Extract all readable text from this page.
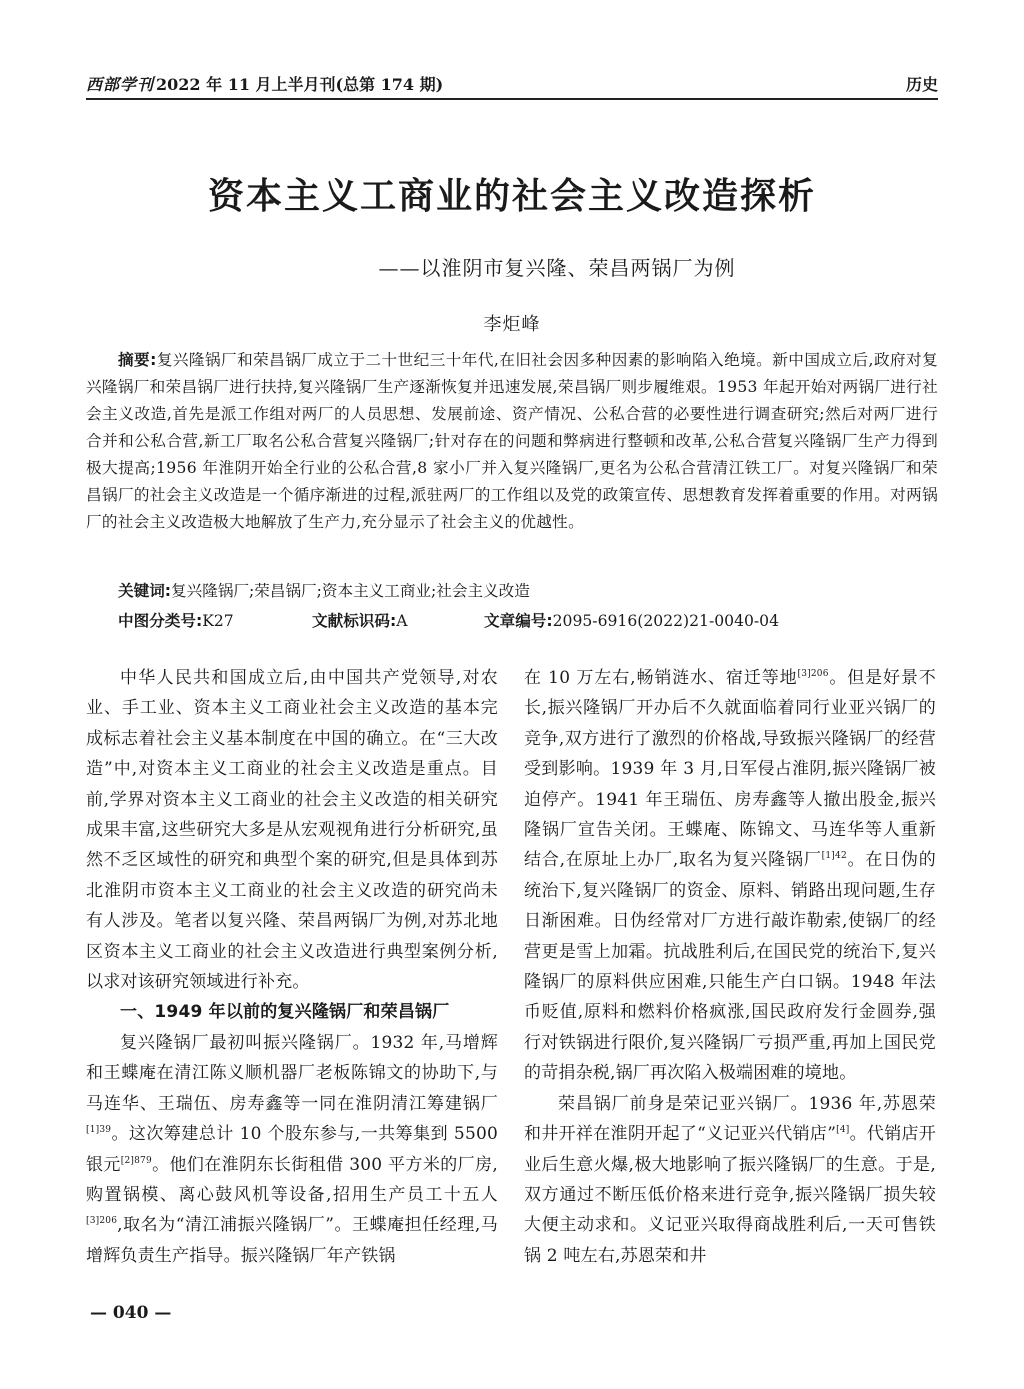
西部学刊 2022 年 11 月上半月刊(总第 174 期)	历史
资本主义工商业的社会主义改造探析
——以淮阴市复兴隆、荣昌两锅厂为例
李炬峰
摘要:复兴隆锅厂和荣昌锅厂成立于二十世纪三十年代,在旧社会因多种因素的影响陷入绝境。新中国成立后,政府对复兴隆锅厂和荣昌锅厂进行扶持,复兴隆锅厂生产逐渐恢复并迅速发展,荣昌锅厂则步履维艰。1953 年起开始对两锅厂进行社会主义改造,首先是派工作组对两厂的人员思想、发展前途、资产情况、公私合营的必要性进行调查研究;然后对两厂进行合并和公私合营,新工厂取名公私合营复兴隆锅厂;针对存在的问题和弊病进行整顿和改革,公私合营复兴隆锅厂生产力得到极大提高;1956 年淮阴开始全行业的公私合营,8 家小厂并入复兴隆锅厂,更名为公私合营清江铁工厂。对复兴隆锅厂和荣昌锅厂的社会主义改造是一个循序渐进的过程,派驻两厂的工作组以及党的政策宣传、思想教育发挥着重要的作用。对两锅厂的社会主义改造极大地解放了生产力,充分显示了社会主义的优越性。
关键词:复兴隆锅厂;荣昌锅厂;资本主义工商业;社会主义改造
中图分类号:K27	文献标识码:A	文章编号:2095-6916(2022)21-0040-04

中华人民共和国成立后,由中国共产党领导,对农业、手工业、资本主义工商业社会主义改造的基本完成标志着社会主义基本制度在中国的确立。在“三大改造”中,对资本主义工商业的社会主义改造是重点。目前,学界对资本主义工商业的社会主义改造的相关研究成果丰富,这些研究大多是从宏观视角进行分析研究,虽然不乏区域性的研究和典型个案的研究,但是具体到苏北淮阴市资本主义工商业的社会主义改造的研究尚未有人涉及。笔者以复兴隆、荣昌两锅厂为例,对苏北地区资本主义工商业的社会主义改造进行典型案例分析,以求对该研究领域进行补充。

一、1949 年以前的复兴隆锅厂和荣昌锅厂

复兴隆锅厂最初叫振兴隆锅厂。1932 年,马增辉和王蝶庵在清江陈义顺机器厂老板陈锦文的协助下,与马连华、王瑞伍、房寿鑫等一同在淮阴清江筹建锅厂$^{[1]39}$。这次筹建总计 10 个股东参与,一共筹集到 5500 银元$^{[2]879}$。他们在淮阴东长街租借 300 平方米的厂房,购置锅模、离心鼓风机等设备,招用生产员工十五人$^{[3]206}$,取名为“清江浦振兴隆锅厂”。王蝶庵担任经理,马增辉负责生产指导。振兴隆锅厂年产铁锅

在 10 万左右,畅销涟水、宿迁等地$^{[3]206}$。但是好景不长,振兴隆锅厂开办后不久就面临着同行业亚兴锅厂的竞争,双方进行了激烈的价格战,导致振兴隆锅厂的经营受到影响。1939 年 3 月,日军侵占淮阴,振兴隆锅厂被迫停产。1941 年王瑞伍、房寿鑫等人撤出股金,振兴隆锅厂宣告关闭。王蝶庵、陈锦文、马连华等人重新结合,在原址上办厂,取名为复兴隆锅厂$^{[1]42}$。在日伪的统治下,复兴隆锅厂的资金、原料、销路出现问题,生存日渐困难。日伪经常对厂方进行敲诈勒索,使锅厂的经营更是雪上加霜。抗战胜利后,在国民党的统治下,复兴隆锅厂的原料供应困难,只能生产白口锅。1948 年法币贬值,原料和燃料价格疯涨,国民政府发行金圆券,强行对铁锅进行限价,复兴隆锅厂亏损严重,再加上国民党的苛捐杂税,锅厂再次陷入极端困难的境地。

荣昌锅厂前身是荣记亚兴锅厂。1936 年,苏恩荣和井开祥在淮阴开起了“义记亚兴代销店”[4]。代销店开业后生意火爆,极大地影响了振兴隆锅厂的生意。于是,双方通过不断压低价格来进行竞争,振兴隆锅厂损失较大便主动求和。义记亚兴取得商战胜利后,一天可售铁锅 2 吨左右,苏恩荣和井

— 040 —
